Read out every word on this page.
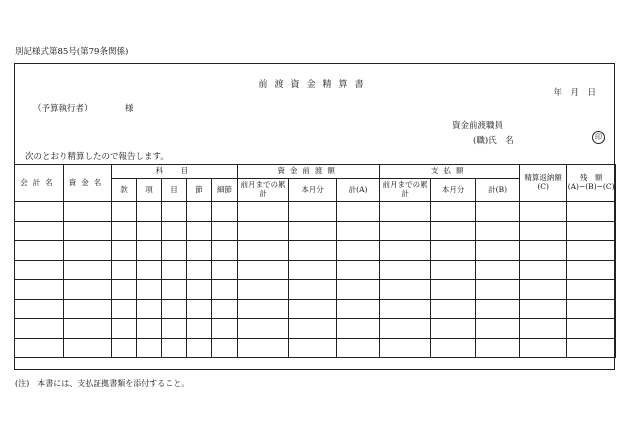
別記様式第85号(第79条関係)
前渡資金精算書
年　月　日
（予算執行者）	様
資金前渡職員
(職)氏　名	印
次のとおり精算したので報告します。
会計名	資金名	科　目					資金前渡額			支払額			精算返納額(C)	残　額
(A)−(B)−(C)

		款	項	目	節	細節	前月までの累計	本月分	計(A)	前月までの累計	本月分	計(B)		

(注)　本書には、支払証拠書類を添付すること。
